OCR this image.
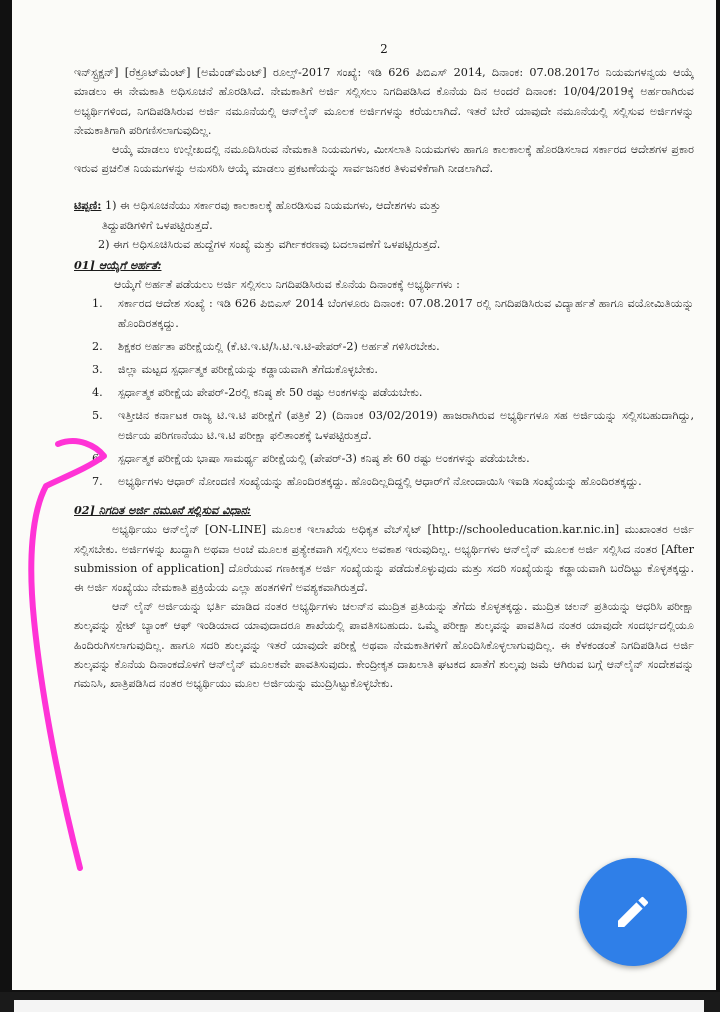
2

ಇನ್‌ಸ್ಟ್ರಕ್ಷನ್] [ರೆಕ್ರೂಟ್‌ಮೆಂಟ್] [ಅಮೆಂಡ್‌ಮೆಂಟ್] ರೂಲ್ಸ್-2017 ಸಂಖ್ಯೆ: ಇಡಿ 626 ಪಿಬಿಎಸ್ 2014, ದಿನಾಂಕ: 07.08.2017ರ ನಿಯಮಗಳನ್ವಯ ಆಯ್ಕೆ ಮಾಡಲು ಈ ನೇಮಕಾತಿ ಅಧಿಸೂಚನೆ ಹೊರಡಿಸಿದೆ. ನೇಮಕಾತಿಗೆ ಅರ್ಜಿ ಸಲ್ಲಿಸಲು ನಿಗದಿಪಡಿಸಿದ ಕೊನೆಯ ದಿನ ಅಂದರೆ ದಿನಾಂಕ: 10/04/2019ಕ್ಕೆ ಅರ್ಹರಾಗಿರುವ ಅಭ್ಯರ್ಥಿಗಳಿಂದ, ನಿಗದಿಪಡಿಸಿರುವ ಅರ್ಜಿ ನಮೂನೆಯಲ್ಲಿ ಆನ್‌ಲೈನ್ ಮೂಲಕ ಅರ್ಜಿಗಳನ್ನು ಕರೆಯಲಾಗಿದೆ. ಇತರೆ ಬೇರೆ ಯಾವುದೇ ನಮೂನೆಯಲ್ಲಿ ಸಲ್ಲಿಸುವ ಅರ್ಜಿಗಳನ್ನು ನೇಮಕಾತಿಗಾಗಿ ಪರಿಗಣಿಸಲಾಗುವುದಿಲ್ಲ.

ಆಯ್ಕೆ ಮಾಡಲು ಉಲ್ಲೇಖದಲ್ಲಿ ನಮೂದಿಸಿರುವ ನೇಮಕಾತಿ ನಿಯಮಗಳು, ಮೀಸಲಾತಿ ನಿಯಮಗಳು ಹಾಗೂ ಕಾಲಕಾಲಕ್ಕೆ ಹೊರಡಿಸಲಾದ ಸರ್ಕಾರದ ಆದೇಶಗಳ ಪ್ರಕಾರ ಇರುವ ಪ್ರಚಲಿತ ನಿಯಮಗಳನ್ನು ಅನುಸರಿಸಿ ಆಯ್ಕೆ ಮಾಡಲು ಪ್ರಕಟಣೆಯನ್ನು ಸಾರ್ವಜನಿಕರ ತಿಳುವಳಿಕೆಗಾಗಿ ನೀಡಲಾಗಿದೆ.

ಟಿಪ್ಪಣಿ: 1) ಈ ಅಧಿಸೂಚನೆಯು ಸರ್ಕಾರವು ಕಾಲಕಾಲಕ್ಕೆ ಹೊರಡಿಸುವ ನಿಯಮಗಳು, ಆದೇಶಗಳು ಮತ್ತು

ತಿದ್ದುಪಡಿಗಳಿಗೆ ಒಳಪಟ್ಟಿರುತ್ತದೆ.

2) ಈಗ ಅಧಿಸೂಚಿಸಿರುವ ಹುದ್ದೆಗಳ ಸಂಖ್ಯೆ ಮತ್ತು ವರ್ಗೀಕರಣವು ಬದಲಾವಣೆಗೆ ಒಳಪಟ್ಟಿರುತ್ತದೆ.

01] ಆಯ್ಕೆಗೆ ಅರ್ಹತೆ:

ಆಯ್ಕೆಗೆ ಅರ್ಹತೆ ಪಡೆಯಲು ಅರ್ಜಿ ಸಲ್ಲಿಸಲು ನಿಗದಿಪಡಿಸಿರುವ ಕೊನೆಯ ದಿನಾಂಕಕ್ಕೆ ಅಭ್ಯರ್ಥಿಗಳು :

1. ಸರ್ಕಾರದ ಆದೇಶ ಸಂಖ್ಯೆ : ಇಡಿ 626 ಪಿಬಿಎಸ್ 2014 ಬೆಂಗಳೂರು ದಿನಾಂಕ: 07.08.2017 ರಲ್ಲಿ ನಿಗದಿಪಡಿಸಿರುವ ವಿದ್ಯಾರ್ಹತೆ ಹಾಗೂ ವಯೋಮಿತಿಯನ್ನು ಹೊಂದಿರತಕ್ಕದ್ದು.
2. ಶಿಕ್ಷಕರ ಅರ್ಹತಾ ಪರೀಕ್ಷೆಯಲ್ಲಿ (ಕೆ.ಟಿ.ಇ.ಟಿ/ಸಿ.ಟಿ.ಇ.ಟಿ-ಪೇಪರ್-2) ಅರ್ಹತೆ ಗಳಿಸಿರಬೇಕು.
3. ಜಿಲ್ಲಾ ಮಟ್ಟದ ಸ್ಪರ್ಧಾತ್ಮಕ ಪರೀಕ್ಷೆಯನ್ನು ಕಡ್ಡಾಯವಾಗಿ ತೆಗೆದುಕೊಳ್ಳಬೇಕು.
4. ಸ್ಪರ್ಧಾತ್ಮಕ ಪರೀಕ್ಷೆಯ ಪೇಪರ್-2ರಲ್ಲಿ ಕನಿಷ್ಠ ಶೇ 50 ರಷ್ಟು ಅಂಕಗಳನ್ನು ಪಡೆಯಬೇಕು.
5. ಇತ್ತೀಚಿನ ಕರ್ನಾಟಕ ರಾಜ್ಯ ಟಿ.ಇ.ಟಿ ಪರೀಕ್ಷೆಗೆ (ಪತ್ರಿಕೆ 2) (ದಿನಾಂಕ 03/02/2019) ಹಾಜರಾಗಿರುವ ಅಭ್ಯರ್ಥಿಗಳೂ ಸಹ ಅರ್ಜಿಯನ್ನು ಸಲ್ಲಿಸಬಹುದಾಗಿದ್ದು, ಅರ್ಜಿಯ ಪರಿಗಣನೆಯು ಟಿ.ಇ.ಟಿ ಪರೀಕ್ಷಾ ಫಲಿತಾಂಶಕ್ಕೆ ಒಳಪಟ್ಟಿರುತ್ತದೆ.
6. ಸ್ಪರ್ಧಾತ್ಮಕ ಪರೀಕ್ಷೆಯ ಭಾಷಾ ಸಾಮರ್ಥ್ಯ ಪರೀಕ್ಷೆಯಲ್ಲಿ (ಪೇಪರ್-3) ಕನಿಷ್ಠ ಶೇ 60 ರಷ್ಟು ಅಂಕಗಳನ್ನು ಪಡೆಯಬೇಕು.
7. ಅಭ್ಯರ್ಥಿಗಳು ಆಧಾರ್ ನೋಂದಣಿ ಸಂಖ್ಯೆಯನ್ನು ಹೊಂದಿರತಕ್ಕದ್ದು. ಹೊಂದಿಲ್ಲದಿದ್ದಲ್ಲಿ ಆಧಾರ್‌ಗೆ ನೋಂದಾಯಿಸಿ ಇಐಡಿ ಸಂಖ್ಯೆಯನ್ನು ಹೊಂದಿರತಕ್ಕದ್ದು.
02] ನಿಗದಿತ ಅರ್ಜಿ ನಮೂನೆ ಸಲ್ಲಿಸುವ ವಿಧಾನ:

ಅಭ್ಯರ್ಥಿಯು ಆನ್‌ಲೈನ್ [ON-LINE] ಮೂಲಕ ಇಲಾಖೆಯ ಅಧಿಕೃತ ವೆಬ್‌ಸೈಟ್ [http://schooleducation.kar.nic.in] ಮುಖಾಂತರ ಅರ್ಜಿ ಸಲ್ಲಿಸಬೇಕು. ಅರ್ಜಿಗಳನ್ನು ಖುದ್ದಾಗಿ ಅಥವಾ ಅಂಚೆ ಮೂಲಕ ಪ್ರತ್ಯೇಕವಾಗಿ ಸಲ್ಲಿಸಲು ಅವಕಾಶ ಇರುವುದಿಲ್ಲ. ಅಭ್ಯರ್ಥಿಗಳು ಆನ್‌ಲೈನ್ ಮೂಲಕ ಅರ್ಜಿ ಸಲ್ಲಿಸಿದ ನಂತರ [After submission of application] ದೊರೆಯುವ ಗಣಕೀಕೃತ ಅರ್ಜಿ ಸಂಖ್ಯೆಯನ್ನು ಪಡೆದುಕೊಳ್ಳುವುದು ಮತ್ತು ಸದರಿ ಸಂಖ್ಯೆಯನ್ನು ಕಡ್ಡಾಯವಾಗಿ ಬರೆದಿಟ್ಟು ಕೊಳ್ಳತಕ್ಕದ್ದು. ಈ ಅರ್ಜಿ ಸಂಖ್ಯೆಯು ನೇಮಕಾತಿ ಪ್ರಕ್ರಿಯೆಯ ಎಲ್ಲಾ ಹಂತಗಳಿಗೆ ಅವಶ್ಯಕವಾಗಿರುತ್ತದೆ.

ಆನ್ ಲೈನ್ ಅರ್ಜಿಯನ್ನು ಭರ್ತಿ ಮಾಡಿದ ನಂತರ ಅಭ್ಯರ್ಥಿಗಳು ಚಲನ್‌ನ ಮುದ್ರಿತ ಪ್ರತಿಯನ್ನು ತೆಗೆದು ಕೊಳ್ಳತಕ್ಕದ್ದು. ಮುದ್ರಿತ ಚಲನ್ ಪ್ರತಿಯನ್ನು ಆಧರಿಸಿ ಪರೀಕ್ಷಾ ಶುಲ್ಕವನ್ನು ಸ್ಟೇಟ್ ಬ್ಯಾಂಕ್ ಆಫ್ ಇಂಡಿಯಾದ ಯಾವುದಾದರೂ ಶಾಖೆಯಲ್ಲಿ ಪಾವತಿಸಬಹುದು. ಒಮ್ಮೆ ಪರೀಕ್ಷಾ ಶುಲ್ಕವನ್ನು ಪಾವತಿಸಿದ ನಂತರ ಯಾವುದೇ ಸಂದರ್ಭದಲ್ಲಿಯೂ ಹಿಂದಿರುಗಿಸಲಾಗುವುದಿಲ್ಲ. ಹಾಗೂ ಸದರಿ ಶುಲ್ಕವನ್ನು ಇತರೆ ಯಾವುದೇ ಪರೀಕ್ಷೆ ಅಥವಾ ನೇಮಕಾತಿಗಳಿಗೆ ಹೊಂದಿಸಿಕೊಳ್ಳಲಾಗುವುದಿಲ್ಲ. ಈ ಕೆಳಕಂಡಂತೆ ನಿಗದಿಪಡಿಸಿದ ಅರ್ಜಿ ಶುಲ್ಕವನ್ನು ಕೊನೆಯ ದಿನಾಂಕದೊಳಗೆ ಆನ್‌ಲೈನ್ ಮೂಲಕವೇ ಪಾವತಿಸುವುದು. ಕೇಂದ್ರೀಕೃತ ದಾಖಲಾತಿ ಘಟಕದ ಖಾತೆಗೆ ಶುಲ್ಕವು ಜಮೆ ಆಗಿರುವ ಬಗ್ಗೆ ಆನ್‌ಲೈನ್ ಸಂದೇಶವನ್ನು ಗಮನಿಸಿ, ಖಾತ್ರಿಪಡಿಸಿದ ನಂತರ ಅಭ್ಯರ್ಥಿಯು ಮೂಲ ಅರ್ಜಿಯನ್ನು ಮುದ್ರಿಸಿಟ್ಟುಕೊಳ್ಳಬೇಕು.
